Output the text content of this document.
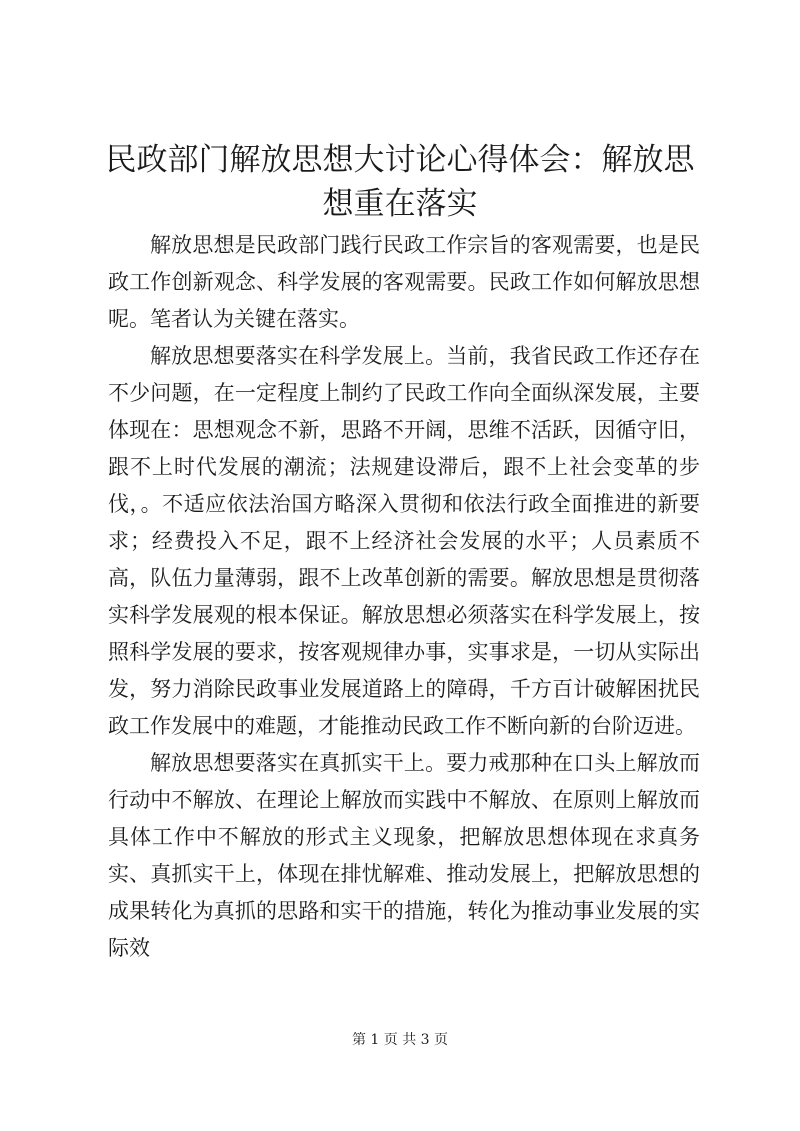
民政部门解放思想大讨论心得体会：解放思想重在落实

解放思想是民政部门践行民政工作宗旨的客观需要，也是民政工作创新观念、科学发展的客观需要。民政工作如何解放思想呢。笔者认为关键在落实。

解放思想要落实在科学发展上。当前，我省民政工作还存在不少问题，在一定程度上制约了民政工作向全面纵深发展，主要体现在：思想观念不新，思路不开阔，思维不活跃，因循守旧，跟不上时代发展的潮流；法规建设滞后，跟不上社会变革的步伐，。不适应依法治国方略深入贯彻和依法行政全面推进的新要求；经费投入不足，跟不上经济社会发展的水平；人员素质不高，队伍力量薄弱，跟不上改革创新的需要。解放思想是贯彻落实科学发展观的根本保证。解放思想必须落实在科学发展上，按照科学发展的要求，按客观规律办事，实事求是，一切从实际出发，努力消除民政事业发展道路上的障碍，千方百计破解困扰民政工作发展中的难题，才能推动民政工作不断向新的台阶迈进。

解放思想要落实在真抓实干上。要力戒那种在口头上解放而行动中不解放、在理论上解放而实践中不解放、在原则上解放而具体工作中不解放的形式主义现象，把解放思想体现在求真务实、真抓实干上，体现在排忧解难、推动发展上，把解放思想的成果转化为真抓的思路和实干的措施，转化为推动事业发展的实际效

第 1 页 共 3 页
